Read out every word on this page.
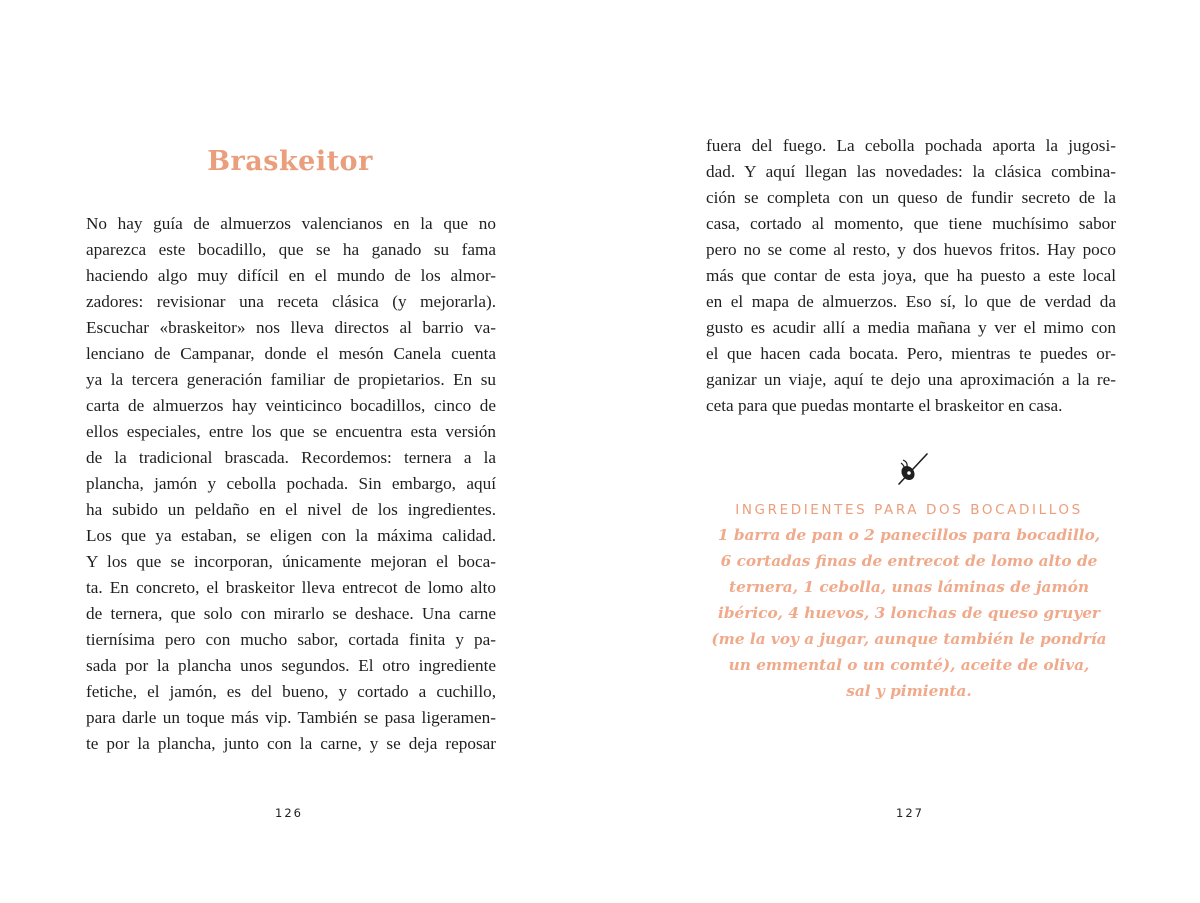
Braskeitor
No hay guía de almuerzos valencianos en la que no
aparezca este bocadillo, que se ha ganado su fama
haciendo algo muy difícil en el mundo de los almor-
zadores: revisionar una receta clásica (y mejorarla).
Escuchar «braskeitor» nos lleva directos al barrio va-
lenciano de Campanar, donde el mesón Canela cuenta
ya la tercera generación familiar de propietarios. En su
carta de almuerzos hay veinticinco bocadillos, cinco de
ellos especiales, entre los que se encuentra esta versión
de la tradicional brascada. Recordemos: ternera a la
plancha, jamón y cebolla pochada. Sin embargo, aquí
ha subido un peldaño en el nivel de los ingredientes.
Los que ya estaban, se eligen con la máxima calidad.
Y los que se incorporan, únicamente mejoran el boca-
ta. En concreto, el braskeitor lleva entrecot de lomo alto
de ternera, que solo con mirarlo se deshace. Una carne
tiernísima pero con mucho sabor, cortada finita y pa-
sada por la plancha unos segundos. El otro ingrediente
fetiche, el jamón, es del bueno, y cortado a cuchillo,
para darle un toque más vip. También se pasa ligeramen-
te por la plancha, junto con la carne, y se deja reposar
126
fuera del fuego. La cebolla pochada aporta la jugosi-
dad. Y aquí llegan las novedades: la clásica combina-
ción se completa con un queso de fundir secreto de la
casa, cortado al momento, que tiene muchísimo sabor
pero no se come al resto, y dos huevos fritos. Hay poco
más que contar de esta joya, que ha puesto a este local
en el mapa de almuerzos. Eso sí, lo que de verdad da
gusto es acudir allí a media mañana y ver el mimo con
el que hacen cada bocata. Pero, mientras te puedes or-
ganizar un viaje, aquí te dejo una aproximación a la re-
ceta para que puedas montarte el braskeitor en casa.
INGREDIENTES PARA DOS BOCADILLOS
1 barra de pan o 2 panecillos para bocadillo,
6 cortadas finas de entrecot de lomo alto de
ternera, 1 cebolla, unas láminas de jamón
ibérico, 4 huevos, 3 lonchas de queso gruyer
(me la voy a jugar, aunque también le pondría
un emmental o un comté), aceite de oliva,
sal y pimienta.
127
